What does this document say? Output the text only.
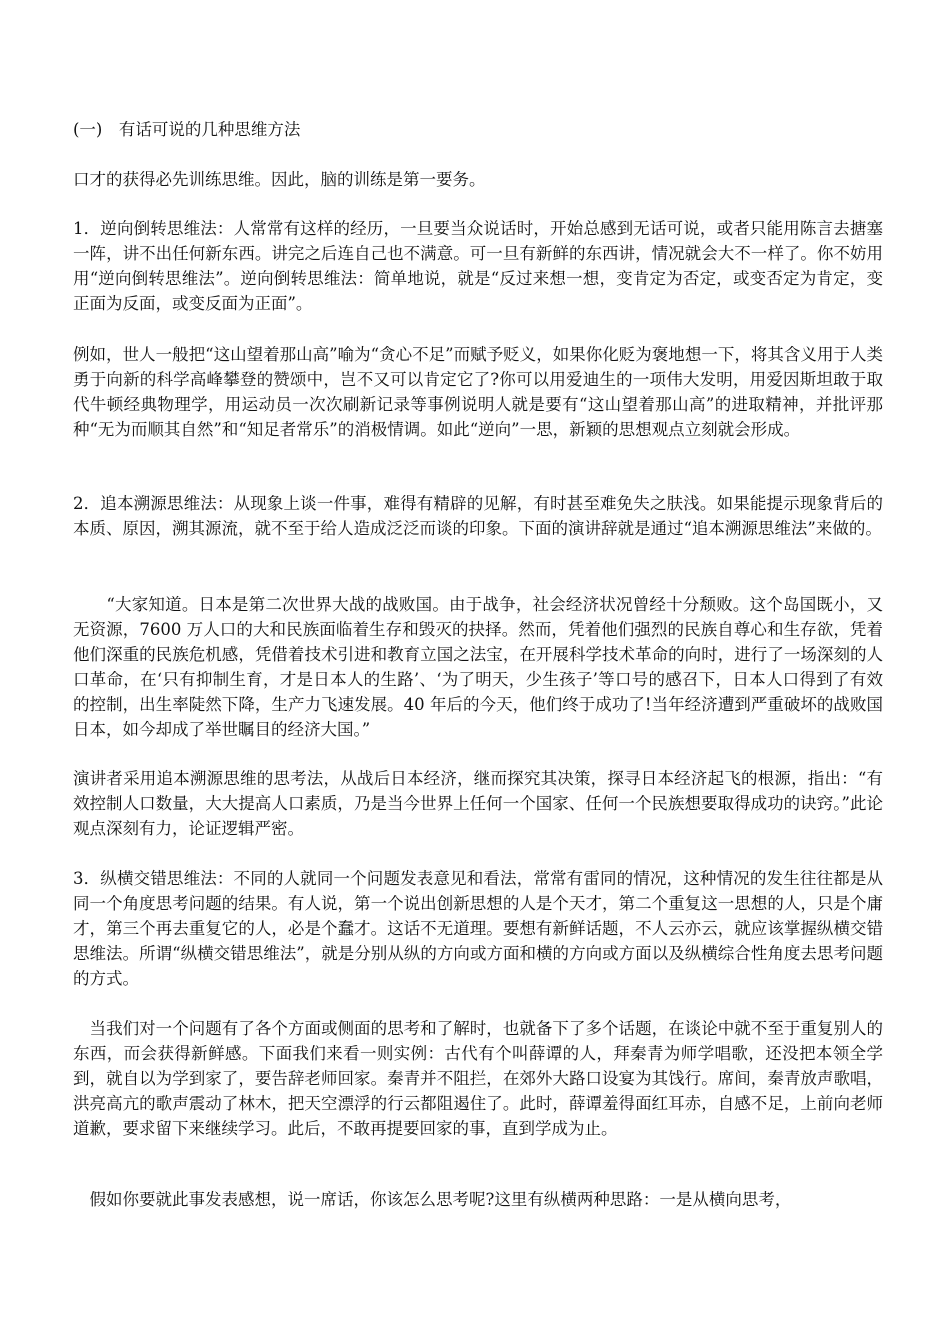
(一)　有话可说的几种思维方法

口才的获得必先训练思维。因此，脑的训练是第一要务。

1．逆向倒转思维法：人常常有这样的经历，一旦要当众说话时，开始总感到无话可说，或者只能用陈言去搪塞一阵，讲不出任何新东西。讲完之后连自己也不满意。可一旦有新鲜的东西讲，情况就会大不一样了。你不妨用用“逆向倒转思维法”。逆向倒转思维法：简单地说，就是“反过来想一想，变肯定为否定，或变否定为肯定，变正面为反面，或变反面为正面”。

例如，世人一般把“这山望着那山高”喻为“贪心不足”而赋予贬义，如果你化贬为褒地想一下，将其含义用于人类勇于向新的科学高峰攀登的赞颂中，岂不又可以肯定它了?你可以用爱迪生的一项伟大发明，用爱因斯坦敢于取代牛顿经典物理学，用运动员一次次刷新记录等事例说明人就是要有“这山望着那山高”的进取精神，并批评那种“无为而顺其自然”和“知足者常乐”的消极情调。如此“逆向”一思，新颖的思想观点立刻就会形成。

2．追本溯源思维法：从现象上谈一件事，难得有精辟的见解，有时甚至难免失之肤浅。如果能提示现象背后的本质、原因，溯其源流，就不至于给人造成泛泛而谈的印象。下面的演讲辞就是通过“追本溯源思维法”来做的。

　　“大家知道。日本是第二次世界大战的战败国。由于战争，社会经济状况曾经十分颓败。这个岛国既小，又无资源，7600 万人口的大和民族面临着生存和毁灭的抉择。然而，凭着他们强烈的民族自尊心和生存欲，凭着他们深重的民族危机感，凭借着技术引进和教育立国之法宝，在开展科学技术革命的向时，进行了一场深刻的人口革命，在‘只有抑制生育，才是日本人的生路’、‘为了明天，少生孩子’等口号的感召下，日本人口得到了有效的控制，出生率陡然下降，生产力飞速发展。40 年后的今天，他们终于成功了!当年经济遭到严重破坏的战败国日本，如今却成了举世瞩目的经济大国。”

演讲者采用追本溯源思维的思考法，从战后日本经济，继而探究其决策，探寻日本经济起飞的根源，指出：“有效控制人口数量，大大提高人口素质，乃是当今世界上任何一个国家、任何一个民族想要取得成功的诀窍。”此论观点深刻有力，论证逻辑严密。

3．纵横交错思维法：不同的人就同一个问题发表意见和看法，常常有雷同的情况，这种情况的发生往往都是从同一个角度思考问题的结果。有人说，第一个说出创新思想的人是个天才，第二个重复这一思想的人，只是个庸才，第三个再去重复它的人，必是个蠢才。这话不无道理。要想有新鲜话题，不人云亦云，就应该掌握纵横交错思维法。所谓“纵横交错思维法”，就是分别从纵的方向或方面和横的方向或方面以及纵横综合性角度去思考问题的方式。

　当我们对一个问题有了各个方面或侧面的思考和了解时，也就备下了多个话题，在谈论中就不至于重复别人的东西，而会获得新鲜感。下面我们来看一则实例：古代有个叫薛谭的人，拜秦青为师学唱歌，还没把本领全学到，就自以为学到家了，要告辞老师回家。秦青并不阻拦，在郊外大路口设宴为其饯行。席间，秦青放声歌唱，洪亮高亢的歌声震动了林木，把天空漂浮的行云都阻遏住了。此时，薛谭羞得面红耳赤，自感不足，上前向老师道歉，要求留下来继续学习。此后，不敢再提要回家的事，直到学成为止。

　假如你要就此事发表感想，说一席话，你该怎么思考呢?这里有纵横两种思路：一是从横向思考，
